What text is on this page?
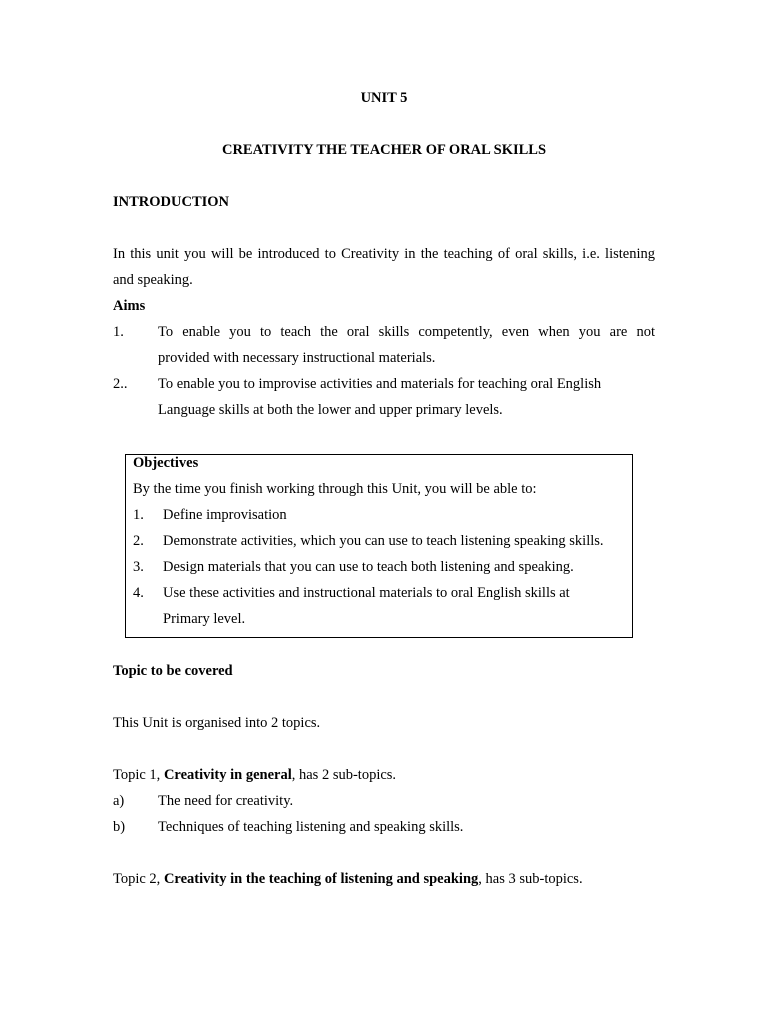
UNIT 5
CREATIVITY THE TEACHER OF ORAL SKILLS
INTRODUCTION
In this unit you will be introduced to Creativity in the teaching of oral skills, i.e. listening
and speaking.
Aims
1. To enable you to teach the oral skills competently, even when you are not
provided with necessary instructional materials.
2.. To enable you to improvise activities and materials for teaching oral English
Language skills at both the lower and upper primary levels.
Objectives
By the time you finish working through this Unit, you will be able to:
1. Define improvisation
2. Demonstrate activities, which you can use to teach listening speaking skills.
3. Design materials that you can use to teach both listening and speaking.
4. Use these activities and instructional materials to oral English skills at
Primary level.
Topic to be covered
This Unit is organised into 2 topics.
Topic 1, Creativity in general, has 2 sub-topics.
a) The need for creativity.
b) Techniques of teaching listening and speaking skills.
Topic 2, Creativity in the teaching of listening and speaking, has 3 sub-topics.
